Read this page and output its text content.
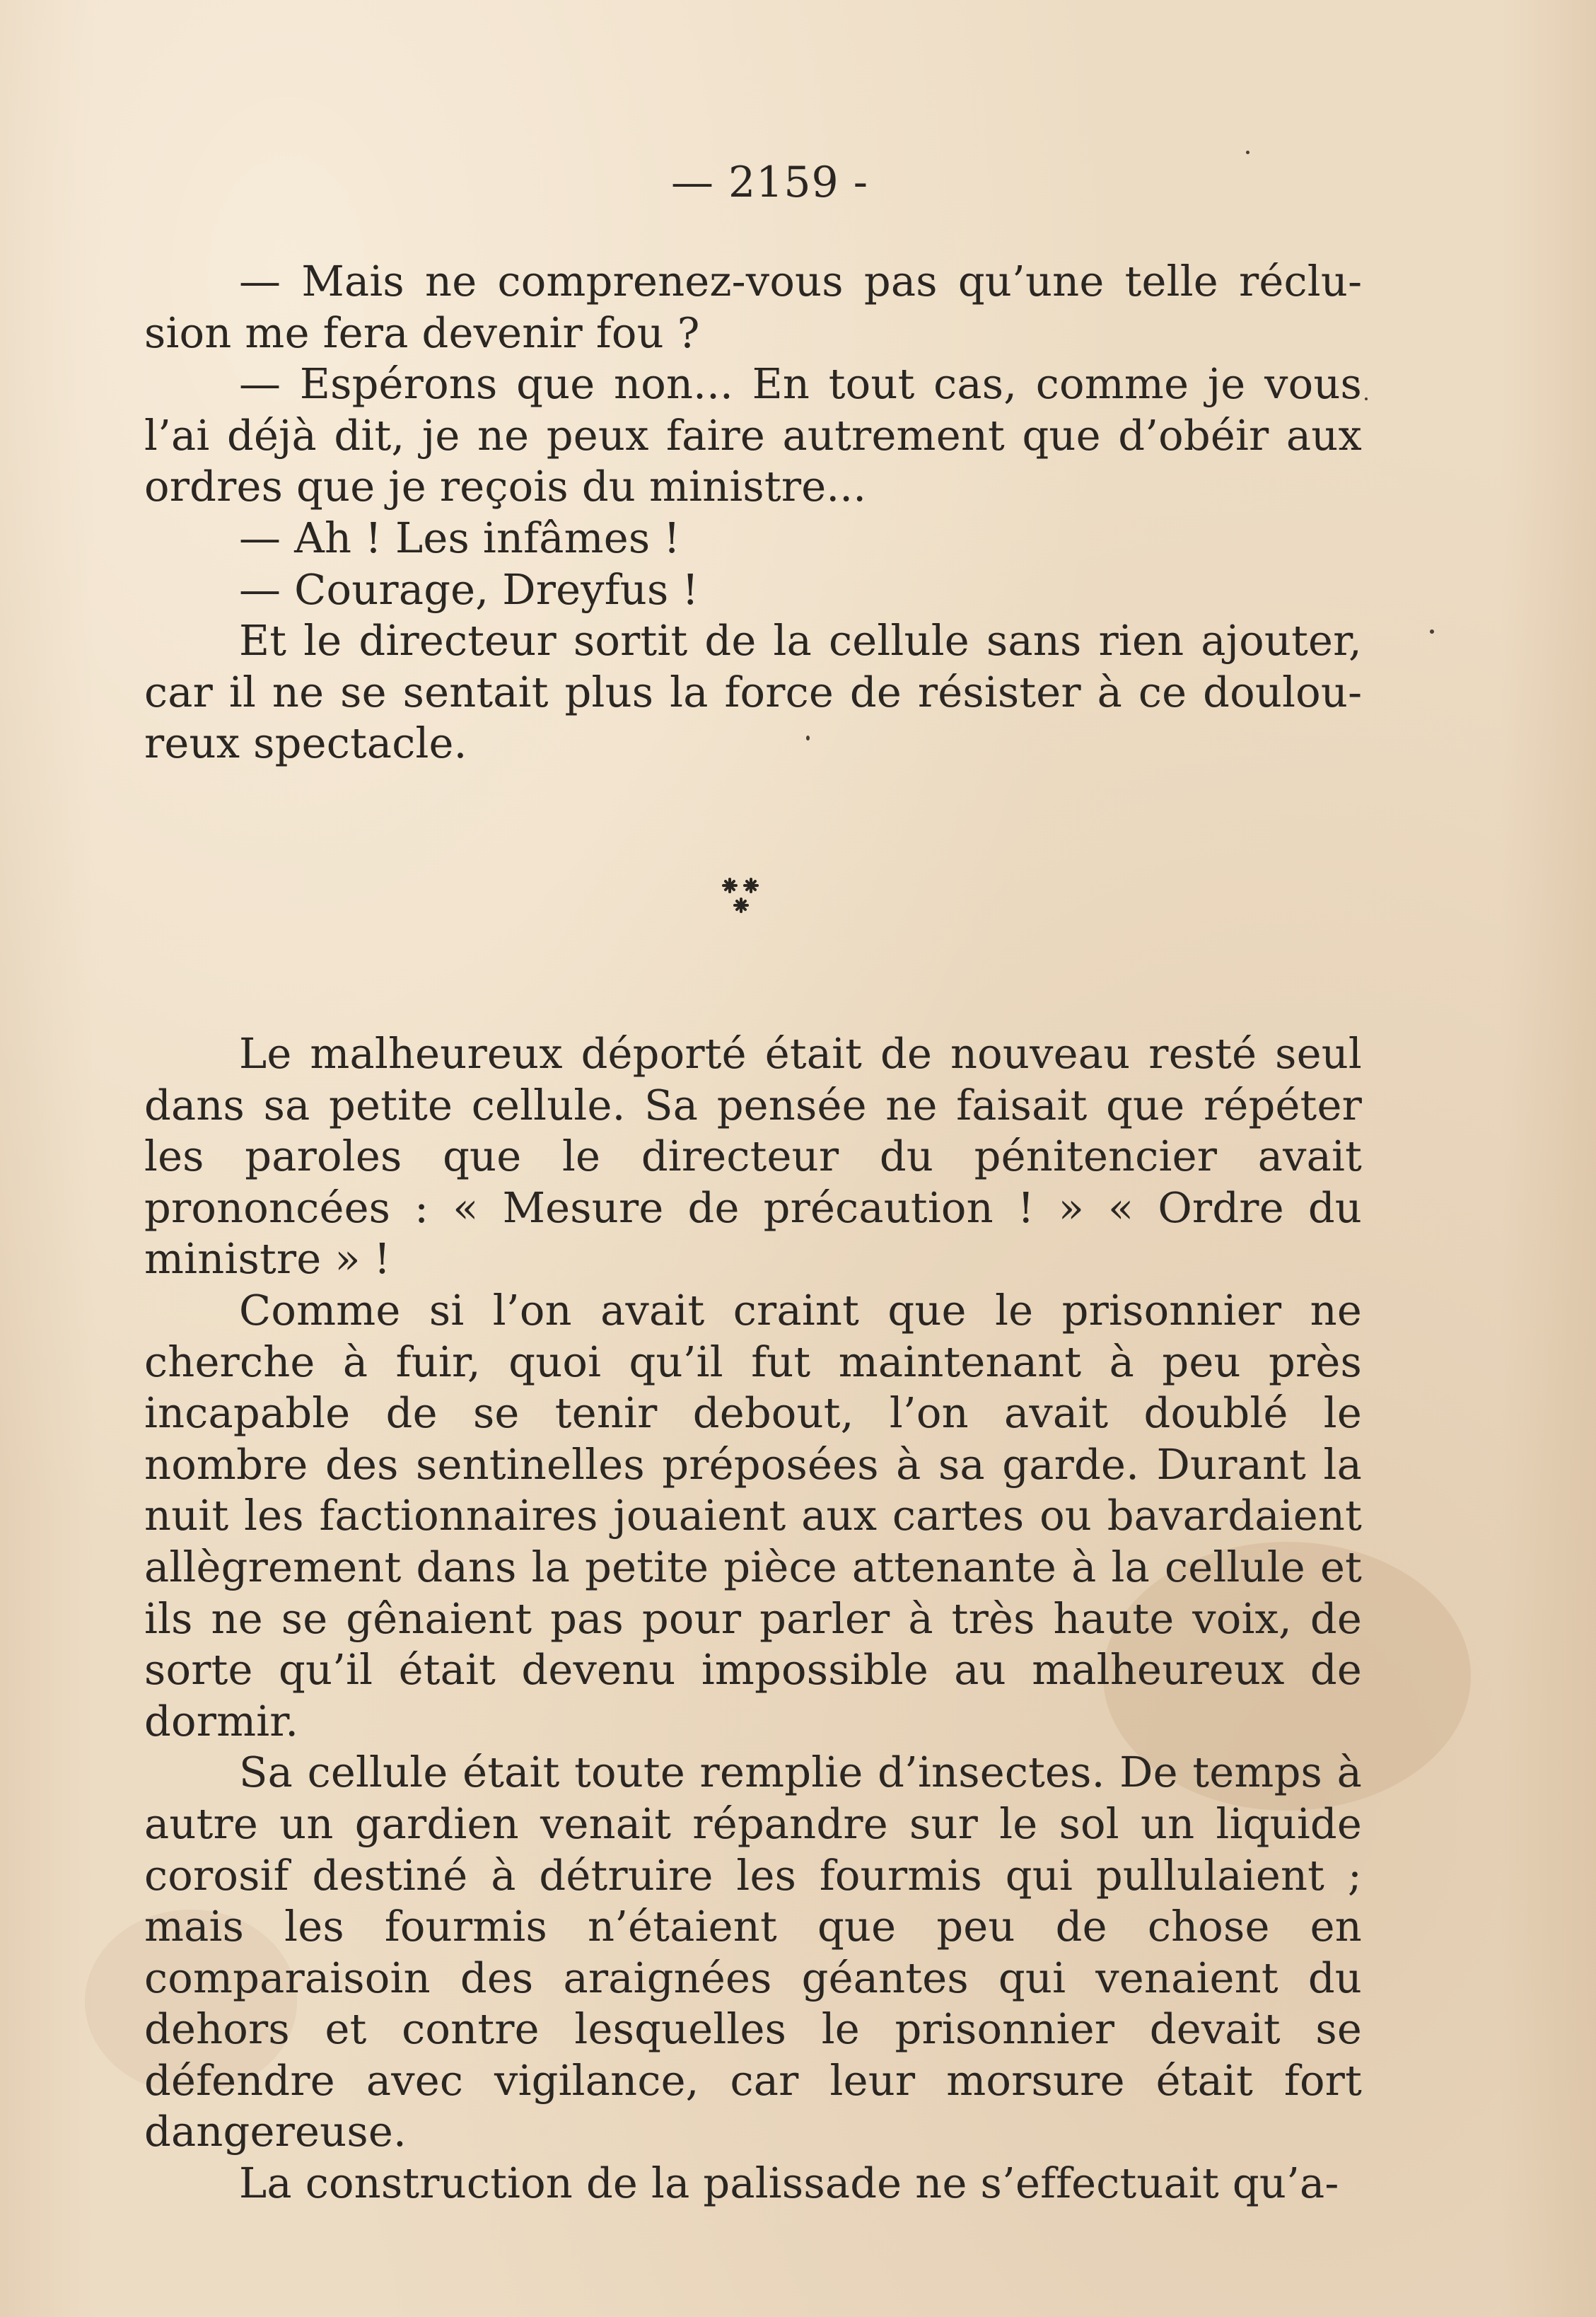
— 2159 -

— Mais ne comprenez-vous pas qu’une telle réclusion me fera devenir fou ?

— Espérons que non... En tout cas, comme je vous l’ai déjà dit, je ne peux faire autrement que d’obéir aux ordres que je reçois du ministre...

— Ah ! Les infâmes !

— Courage, Dreyfus !

Et le directeur sortit de la cellule sans rien ajouter, car il ne se sentait plus la force de résister à ce douloureux spectacle.

Le malheureux déporté était de nouveau resté seul dans sa petite cellule. Sa pensée ne faisait que répéter les paroles que le directeur du pénitencier avait prononcées : « Mesure de précaution ! » « Ordre du ministre » !

Comme si l’on avait craint que le prisonnier ne cherche à fuir, quoi qu’il fut maintenant à peu près incapable de se tenir debout, l’on avait doublé le nombre des sentinelles préposées à sa garde. Durant la nuit les factionnaires jouaient aux cartes ou bavardaient allègrement dans la petite pièce attenante à la cellule et ils ne se gênaient pas pour parler à très haute voix, de sorte qu’il était devenu impossible au malheureux de dormir.

Sa cellule était toute remplie d’insectes. De temps à autre un gardien venait répandre sur le sol un liquide corosif destiné à détruire les fourmis qui pullulaient ; mais les fourmis n’étaient que peu de chose en comparaisoin des araignées géantes qui venaient du dehors et contre lesquelles le prisonnier devait se défendre avec vigilance, car leur morsure était fort dangereuse.

La construction de la palissade ne s’effectuait qu’a-
